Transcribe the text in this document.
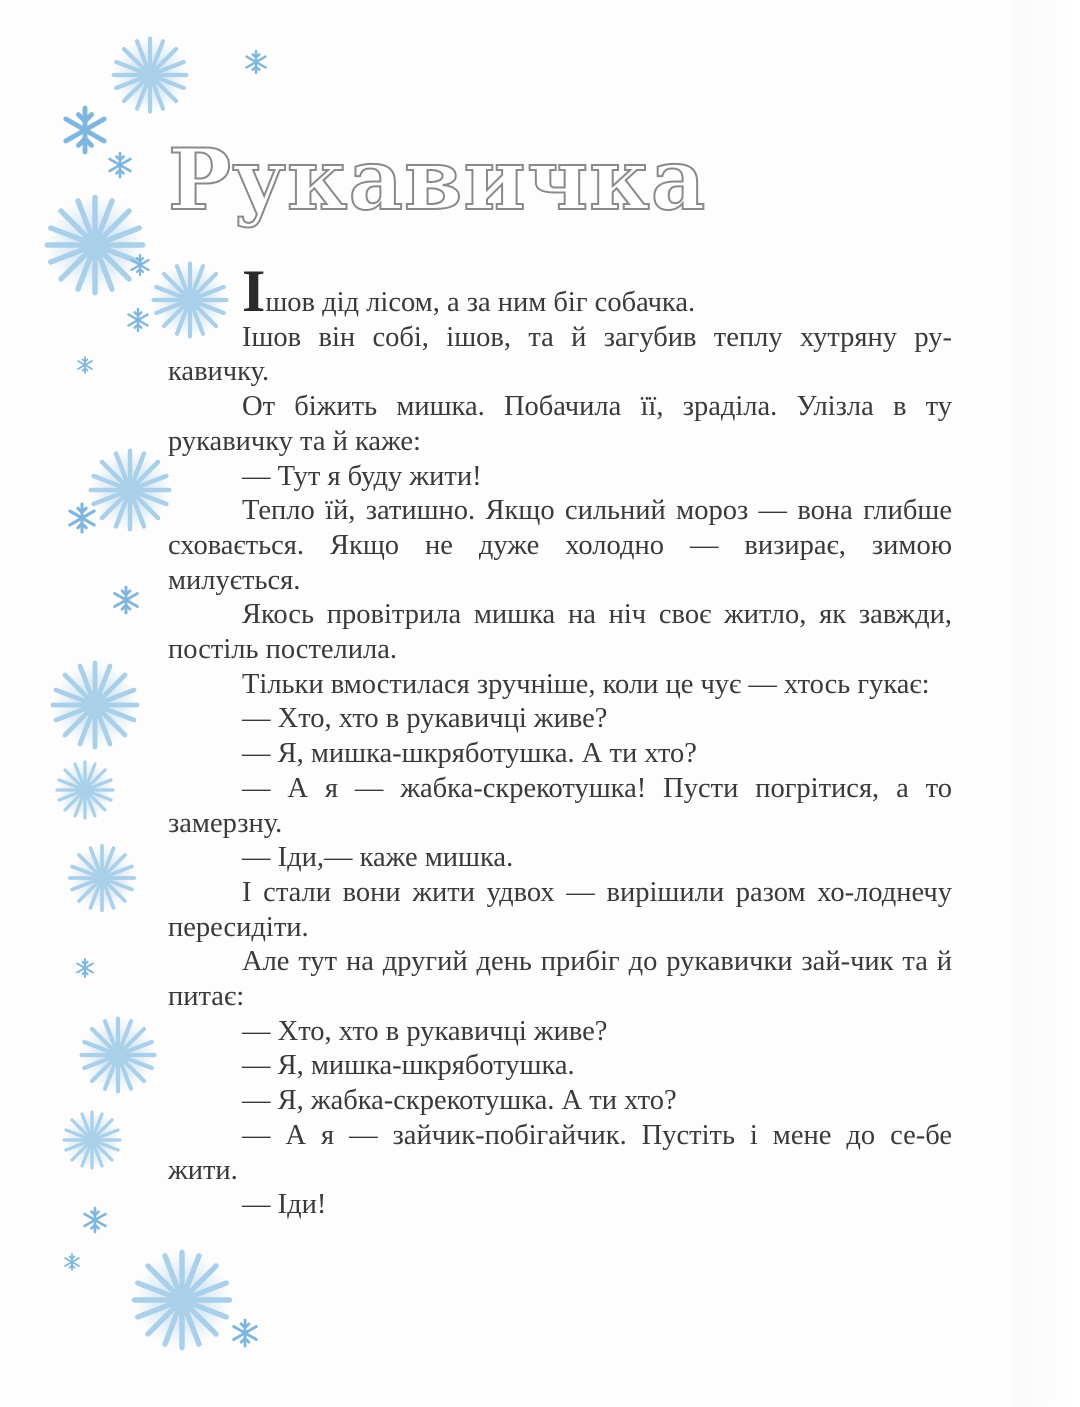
Рукавичка

Ішов дід лісом, а за ним біг собачка.

Ішов він собі, ішов, та й загубив теплу хутряну ру-кавичку.

От біжить мишка. Побачила її, зраділа. Улізла в ту рукавичку та й каже:

— Тут я буду жити!

Тепло їй, затишно. Якщо сильний мороз — вона глибше сховається. Якщо не дуже холодно — визирає, зимою милується.

Якось провітрила мишка на ніч своє житло, як завжди, постіль постелила.

Тільки вмостилася зручніше, коли це чує — хтось гукає:

— Хто, хто в рукавичці живе?

— Я, мишка-шкряботушка. А ти хто?

— А я — жабка-скрекотушка! Пусти погрітися, а то замерзну.

— Іди,— каже мишка.

І стали вони жити удвох — вирішили разом хо-лоднечу пересидіти.

Але тут на другий день прибіг до рукавички зай-чик та й питає:

— Хто, хто в рукавичці живе?

— Я, мишка-шкряботушка.

— Я, жабка-скрекотушка. А ти хто?

— А я — зайчик-побігайчик. Пустіть і мене до се-бе жити.

— Іди!
